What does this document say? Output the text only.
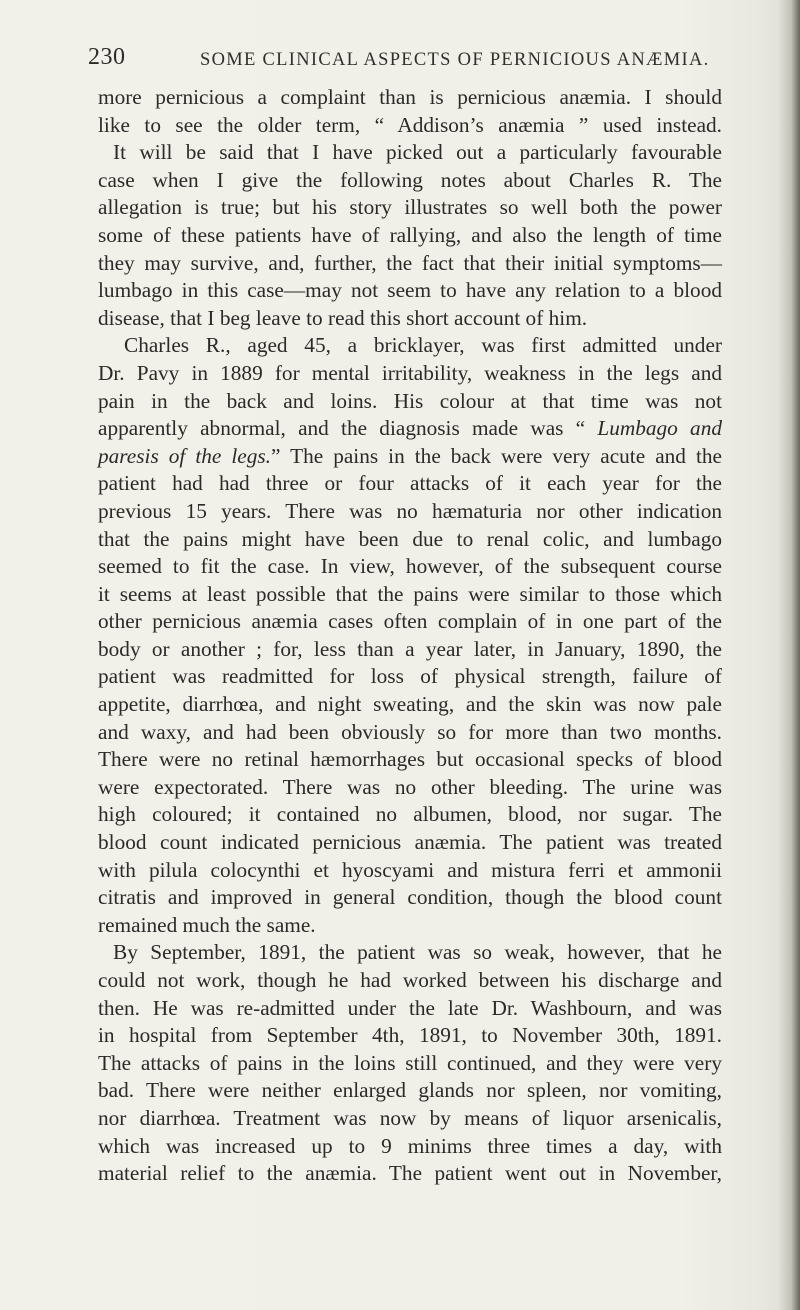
230	SOME CLINICAL ASPECTS OF PERNICIOUS ANÆMIA.
more pernicious a complaint than is pernicious anæmia. I should
like to see the older term, “ Addison’s anæmia ” used instead.
It will be said that I have picked out a particularly favourable
case when I give the following notes about Charles R. The
allegation is true; but his story illustrates so well both the power
some of these patients have of rallying, and also the length of time
they may survive, and, further, the fact that their initial symptoms—
lumbago in this case—may not seem to have any relation to a blood
disease, that I beg leave to read this short account of him.
Charles R., aged 45, a bricklayer, was first admitted under
Dr. Pavy in 1889 for mental irritability, weakness in the legs and
pain in the back and loins. His colour at that time was not
apparently abnormal, and the diagnosis made was “ Lumbago and
paresis of the legs.” The pains in the back were very acute and the
patient had had three or four attacks of it each year for the
previous 15 years. There was no hæmaturia nor other indication
that the pains might have been due to renal colic, and lumbago
seemed to fit the case. In view, however, of the subsequent course
it seems at least possible that the pains were similar to those which
other pernicious anæmia cases often complain of in one part of the
body or another ; for, less than a year later, in January, 1890, the
patient was readmitted for loss of physical strength, failure of
appetite, diarrhœa, and night sweating, and the skin was now pale
and waxy, and had been obviously so for more than two months.
There were no retinal hæmorrhages but occasional specks of blood
were expectorated. There was no other bleeding. The urine was
high coloured; it contained no albumen, blood, nor sugar. The
blood count indicated pernicious anæmia. The patient was treated
with pilula colocynthi et hyoscyami and mistura ferri et ammonii
citratis and improved in general condition, though the blood count
remained much the same.
By September, 1891, the patient was so weak, however, that he
could not work, though he had worked between his discharge and
then. He was re-admitted under the late Dr. Washbourn, and was
in hospital from September 4th, 1891, to November 30th, 1891.
The attacks of pains in the loins still continued, and they were very
bad. There were neither enlarged glands nor spleen, nor vomiting,
nor diarrhœa. Treatment was now by means of liquor arsenicalis,
which was increased up to 9 minims three times a day, with
material relief to the anæmia. The patient went out in November,
